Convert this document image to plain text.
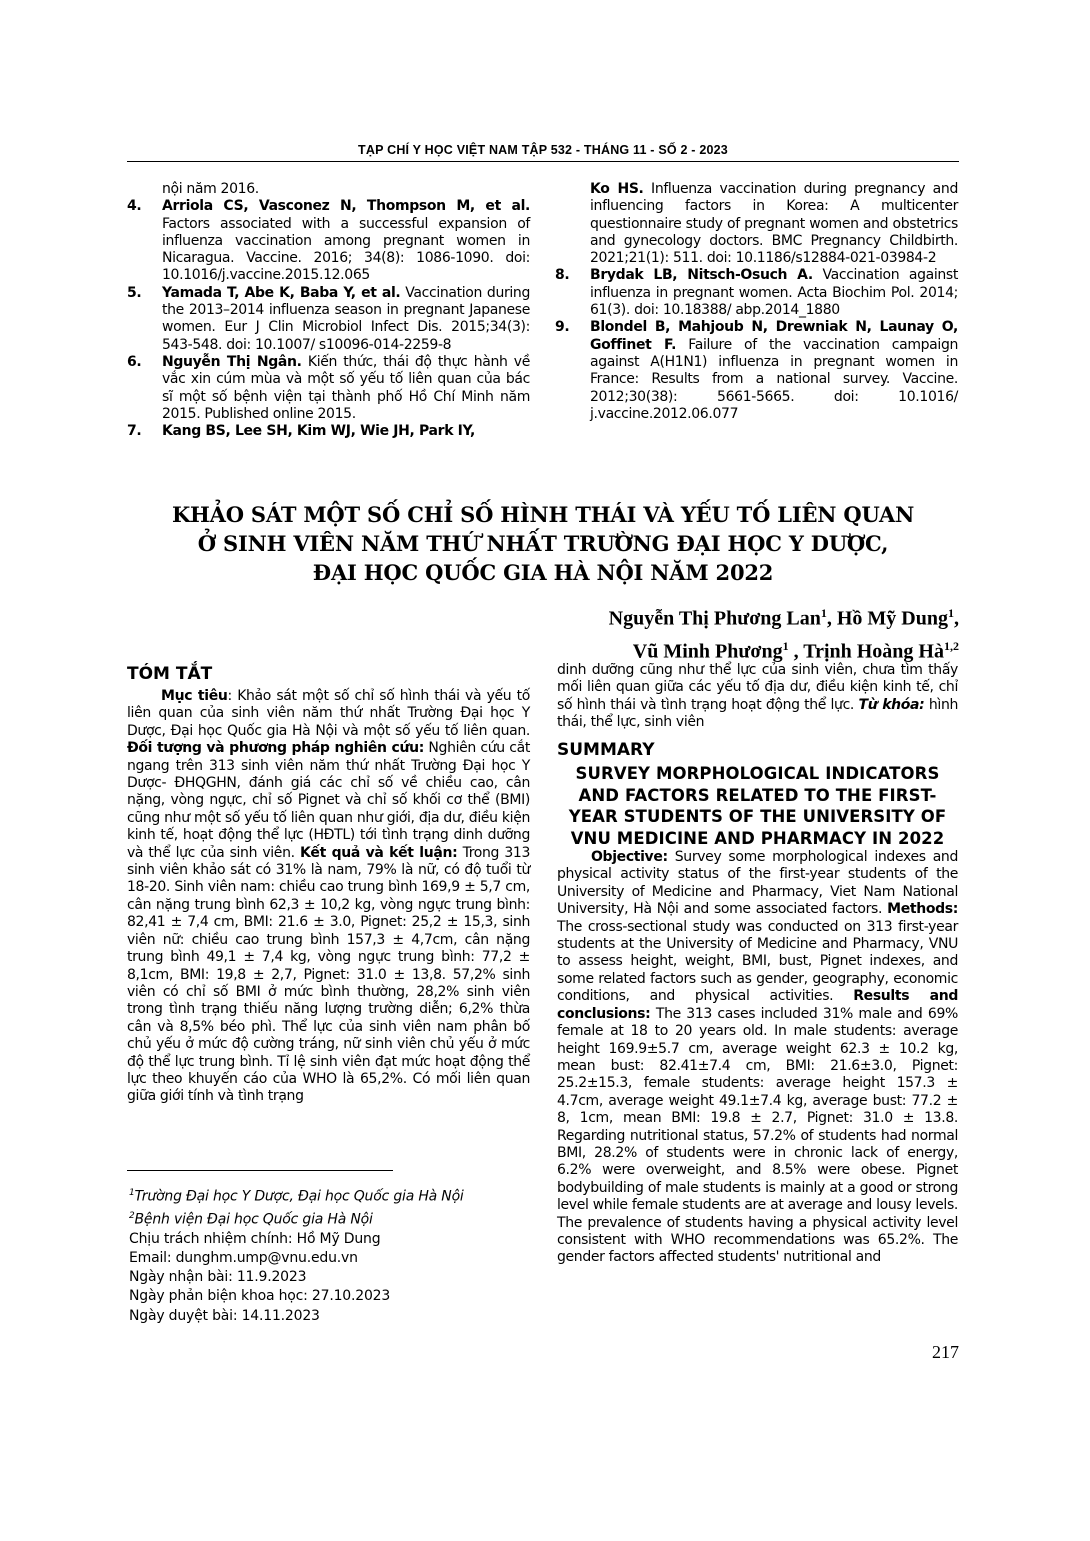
TẠP CHÍ Y HỌC VIỆT NAM TẬP 532 - THÁNG 11 - SỐ 2 - 2023
nội năm 2016.
4.	Arriola CS, Vasconez N, Thompson M, et al. Factors associated with a successful expansion of influenza vaccination among pregnant women in Nicaragua. Vaccine. 2016; 34(8): 1086-1090. doi: 10.1016/j.vaccine.2015.12.065
5.	Yamada T, Abe K, Baba Y, et al. Vaccination during the 2013–2014 influenza season in pregnant Japanese women. Eur J Clin Microbiol Infect Dis. 2015;34(3): 543-548. doi: 10.1007/ s10096-014-2259-8
6.	Nguyễn Thị Ngân. Kiến thức, thái độ thực hành về vắc xin cúm mùa và một số yếu tố liên quan của bác sĩ một số bệnh viện tại thành phố Hồ Chí Minh năm 2015. Published online 2015.
7.	Kang BS, Lee SH, Kim WJ, Wie JH, Park IY,
Ko HS. Influenza vaccination during pregnancy and influencing factors in Korea: A multicenter questionnaire study of pregnant women and obstetrics and gynecology doctors. BMC Pregnancy Childbirth. 2021;21(1): 511. doi: 10.1186/s12884-021-03984-2
8.	Brydak LB, Nitsch-Osuch A. Vaccination against influenza in pregnant women. Acta Biochim Pol. 2014; 61(3). doi: 10.18388/ abp.2014_1880
9.	Blondel B, Mahjoub N, Drewniak N, Launay O, Goffinet F. Failure of the vaccination campaign against A(H1N1) influenza in pregnant women in France: Results from a national survey. Vaccine. 2012;30(38): 5661-5665. doi: 10.1016/ j.vaccine.2012.06.077
KHẢO SÁT MỘT SỐ CHỈ SỐ HÌNH THÁI VÀ YẾU TỐ LIÊN QUAN
Ở SINH VIÊN NĂM THỨ NHẤT TRƯỜNG ĐẠI HỌC Y DƯỢC,
ĐẠI HỌC QUỐC GIA HÀ NỘI NĂM 2022
Nguyễn Thị Phương Lan$^1$, Hồ Mỹ Dung$^1$,
Vũ Minh Phương$^1$ , Trịnh Hoàng Hà$^{1,2}$
TÓM TẮT

Mục tiêu: Khảo sát một số chỉ số hình thái và yếu tố liên quan của sinh viên năm thứ nhất Trường Đại học Y Dược, Đại học Quốc gia Hà Nội và một số yếu tố liên quan. Đối tượng và phương pháp nghiên cứu: Nghiên cứu cắt ngang trên 313 sinh viên năm thứ nhất Trường Đại học Y Dược- ĐHQGHN, đánh giá các chỉ số về chiều cao, cân nặng, vòng ngực, chỉ số Pignet và chỉ số khối cơ thể (BMI) cũng như một số yếu tố liên quan như giới, địa dư, điều kiện kinh tế, hoạt động thể lực (HĐTL) tới tình trạng dinh dưỡng và thể lực của sinh viên. Kết quả và kết luận: Trong 313 sinh viên khảo sát có 31% là nam, 79% là nữ, có độ tuổi từ 18-20. Sinh viên nam: chiều cao trung bình 169,9 ± 5,7 cm, cân nặng trung bình 62,3 ± 10,2 kg, vòng ngực trung bình: 82,41 ± 7,4 cm, BMI: 21.6 ± 3.0, Pignet: 25,2 ± 15,3, sinh viên nữ: chiều cao trung bình 157,3 ± 4,7cm, cân nặng trung bình 49,1 ± 7,4 kg, vòng ngực trung bình: 77,2 ± 8,1cm, BMI: 19,8 ± 2,7, Pignet: 31.0 ± 13,8. 57,2% sinh viên có chỉ số BMI ở mức bình thường, 28,2% sinh viên trong tình trạng thiếu năng lượng trường diễn; 6,2% thừa cân và 8,5% béo phì. Thể lực của sinh viên nam phân bố chủ yếu ở mức độ cường tráng, nữ sinh viên chủ yếu ở mức độ thể lực trung bình. Tỉ lệ sinh viên đạt mức hoạt động thể lực theo khuyến cáo của WHO là 65,2%. Có mối liên quan giữa giới tính và tình trạng

$^1$Trường Đại học Y Dược, Đại học Quốc gia Hà Nội
$^2$Bệnh viện Đại học Quốc gia Hà Nội
Chịu trách nhiệm chính: Hồ Mỹ Dung
Email: dunghm.ump@vnu.edu.vn
Ngày nhận bài: 11.9.2023
Ngày phản biện khoa học: 27.10.2023
Ngày duyệt bài: 14.11.2023

dinh dưỡng cũng như thể lực của sinh viên, chưa tìm thấy mối liên quan giữa các yếu tố địa dư, điều kiện kinh tế, chỉ số hình thái và tình trạng hoạt động thể lực. Từ khóa: hình thái, thể lực, sinh viên

SUMMARY
SURVEY MORPHOLOGICAL INDICATORS
AND FACTORS RELATED TO THE FIRST-
YEAR STUDENTS OF THE UNIVERSITY OF
VNU MEDICINE AND PHARMACY IN 2022

Objective: Survey some morphological indexes and physical activity status of the first-year students of the University of Medicine and Pharmacy, Viet Nam National University, Hà Nội and some associated factors. Methods: The cross-sectional study was conducted on 313 first-year students at the University of Medicine and Pharmacy, VNU to assess height, weight, BMI, bust, Pignet indexes, and some related factors such as gender, geography, economic conditions, and physical activities. Results and conclusions: The 313 cases included 31% male and 69% female at 18 to 20 years old. In male students: average height 169.9±5.7 cm, average weight 62.3 ± 10.2 kg, mean bust: 82.41±7.4 cm, BMI: 21.6±3.0, Pignet: 25.2±15.3, female students: average height 157.3 ± 4.7cm, average weight 49.1±7.4 kg, average bust: 77.2 ± 8, 1cm, mean BMI: 19.8 ± 2.7, Pignet: 31.0 ± 13.8. Regarding nutritional status, 57.2% of students had normal BMI, 28.2% of students were in chronic lack of energy, 6.2% were overweight, and 8.5% were obese. Pignet bodybuilding of male students is mainly at a good or strong level while female students are at average and lousy levels. The prevalence of students having a physical activity level consistent with WHO recommendations was 65.2%. The gender factors affected students' nutritional and

217
